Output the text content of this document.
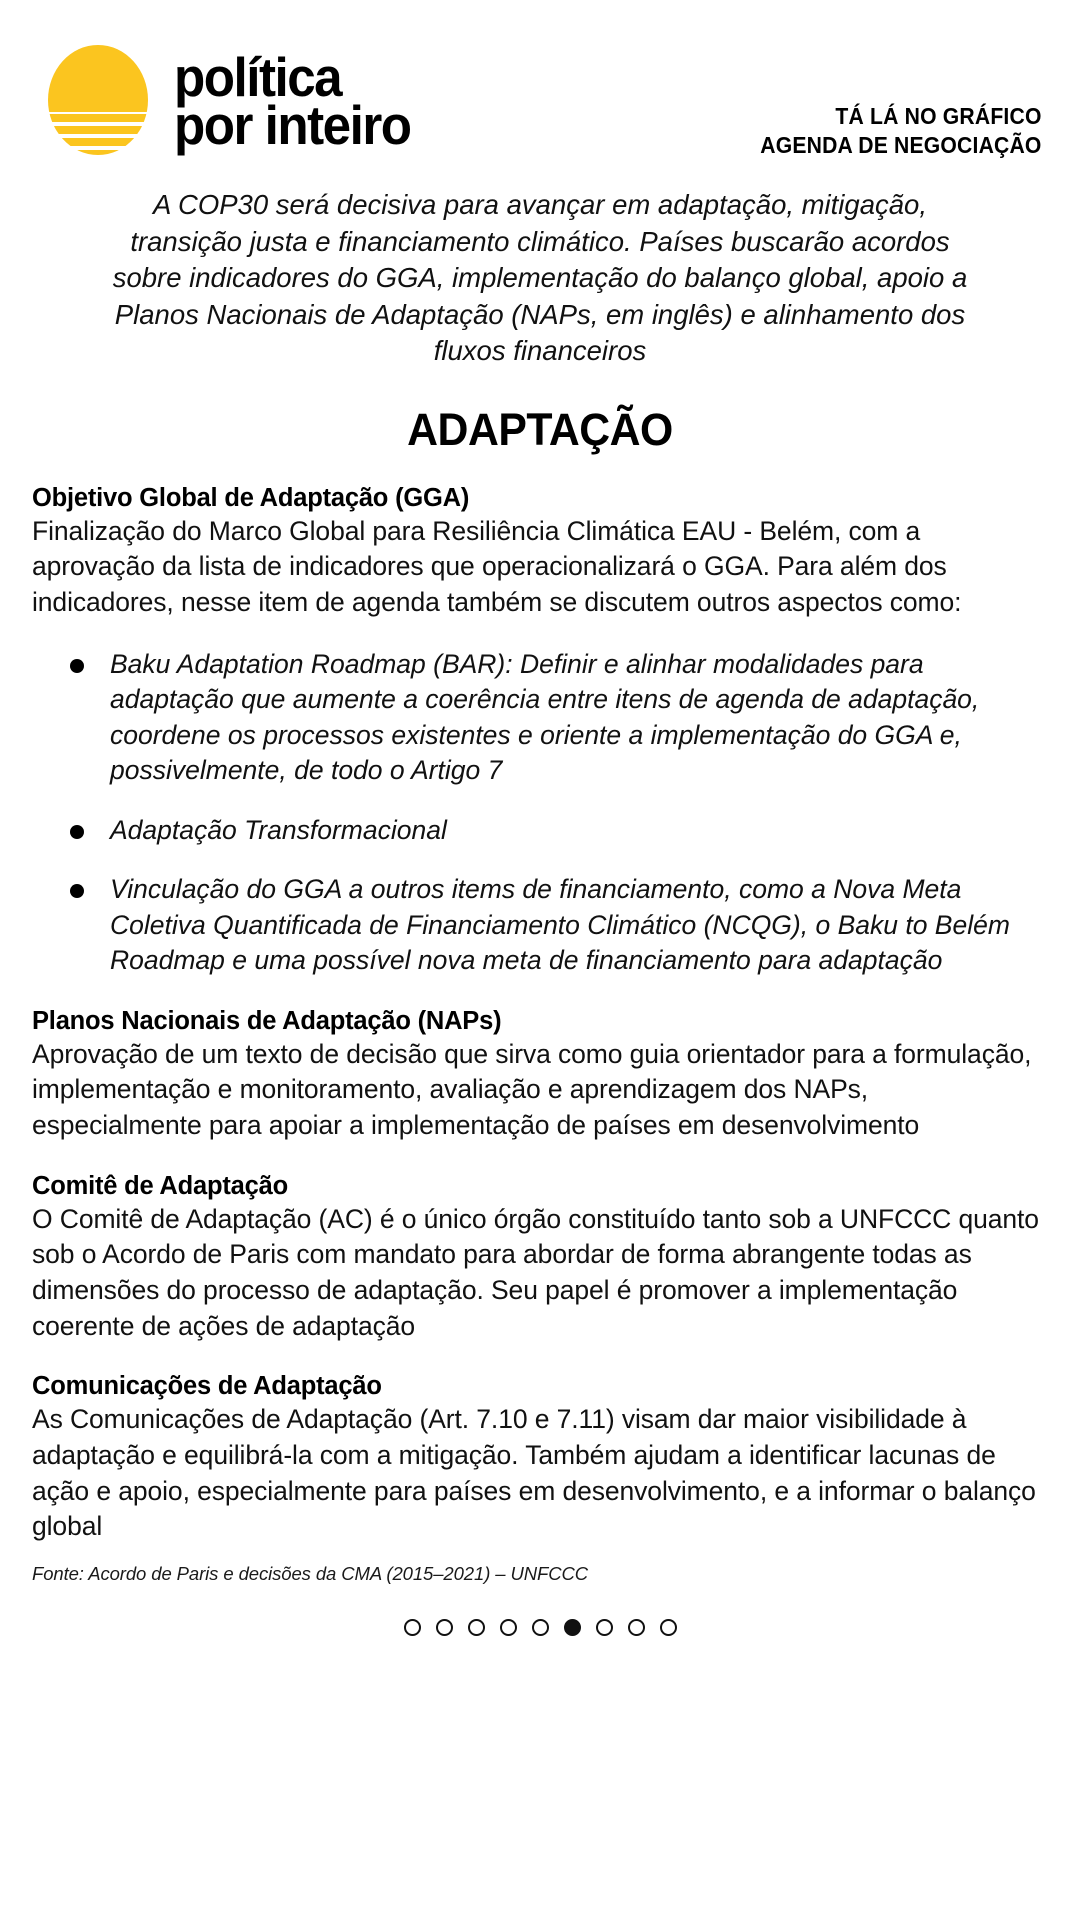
política
por inteiro	TÁ LÁ NO GRÁFICO
AGENDA DE NEGOCIAÇÃO

A COP30 será decisiva para avançar em adaptação, mitigação, transição justa e financiamento climático. Países buscarão acordos sobre indicadores do GGA, implementação do balanço global, apoio a Planos Nacionais de Adaptação (NAPs, em inglês) e alinhamento dos fluxos financeiros

ADAPTAÇÃO
Objetivo Global de Adaptação (GGA)

Finalização do Marco Global para Resiliência Climática EAU - Belém, com a aprovação da lista de indicadores que operacionalizará o GGA. Para além dos indicadores, nesse item de agenda também se discutem outros aspectos como:

Baku Adaptation Roadmap (BAR): Definir e alinhar modalidades para adaptação que aumente a coerência entre itens de agenda de adaptação, coordene os processos existentes e oriente a implementação do GGA e, possivelmente, de todo o Artigo 7
Adaptação Transformacional
Vinculação do GGA a outros items de financiamento, como a Nova Meta Coletiva Quantificada de Financiamento Climático (NCQG), o Baku to Belém Roadmap e uma possível nova meta de financiamento para adaptação
Planos Nacionais de Adaptação (NAPs)

Aprovação de um texto de decisão que sirva como guia orientador para a formulação, implementação e monitoramento, avaliação e aprendizagem dos NAPs, especialmente para apoiar a implementação de países em desenvolvimento

Comitê de Adaptação

O Comitê de Adaptação (AC) é o único órgão constituído tanto sob a UNFCCC quanto sob o Acordo de Paris com mandato para abordar de forma abrangente todas as dimensões do processo de adaptação. Seu papel é promover a implementação coerente de ações de adaptação

Comunicações de Adaptação

As Comunicações de Adaptação (Art. 7.10 e 7.11) visam dar maior visibilidade à adaptação e equilibrá-la com a mitigação. Também ajudam a identificar lacunas de ação e apoio, especialmente para países em desenvolvimento, e a informar o balanço global

Fonte: Acordo de Paris e decisões da CMA (2015–2021) – UNFCCC
